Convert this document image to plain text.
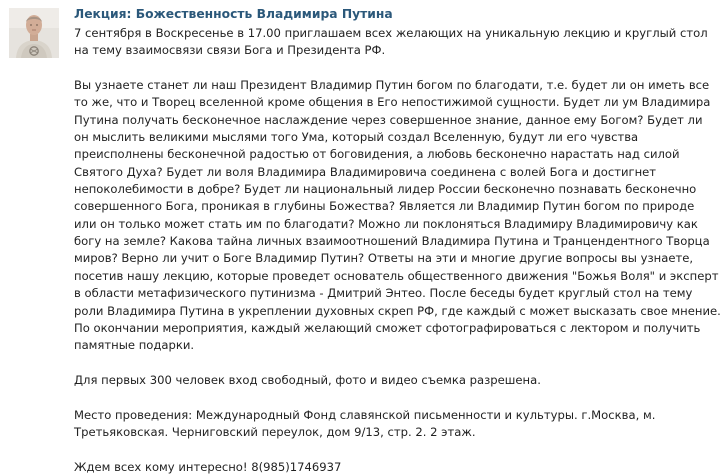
Лекция: Божественность Владимира Путина
7 сентября в Воскресенье в 17.00 приглашаем всех желающих на уникальную лекцию и круглый стол
на тему взаимосвязи связи Бога и Президента РФ.
Вы узнаете станет ли наш Президент Владимир Путин богом по благодати, т.е. будет ли он иметь все
то же, что и Творец вселенной кроме общения в Его непостижимой сущности. Будет ли ум Владимира
Путина получать бесконечное наслаждение через совершенное знание, данное ему Богом? Будет ли
он мыслить великими мыслями того Ума, который создал Вселенную, будут ли его чувства
преисполнены бесконечной радостью от боговидения, а любовь бесконечно нарастать над силой
Святого Духа? Будет ли воля Владимира Владимировича соединена с волей Бога и достигнет
непоколебимости в добре? Будет ли национальный лидер России бесконечно познавать бесконечно
совершенного Бога, проникая в глубины Божества? Является ли Владимир Путин богом по природе
или он только может стать им по благодати? Можно ли поклоняться Владимиру Владимировичу как
богу на земле? Какова тайна личных взаимоотношений Владимира Путина и Транцендентного Творца
миров? Верно ли учит о Боге Владимир Путин? Ответы на эти и многие другие вопросы вы узнаете,
посетив нашу лекцию, которые проведет основатель общественного движения "Божья Воля" и эксперт
в области метафизического путинизма - Дмитрий Энтео. После беседы будет круглый стол на тему
роли Владимира Путина в укреплении духовных скреп РФ, где каждый с может высказать свое мнение.
По окончании мероприятия, каждый желающий сможет сфотографироваться с лектором и получить
памятные подарки.
Для первых 300 человек вход свободный, фото и видео съемка разрешена.
Место проведения: Международный Фонд славянской письменности и культуры. г.Москва, м.
Третьяковская. Черниговский переулок, дом 9/13, стр. 2. 2 этаж.
Ждем всех кому интересно! 8(985)1746937
